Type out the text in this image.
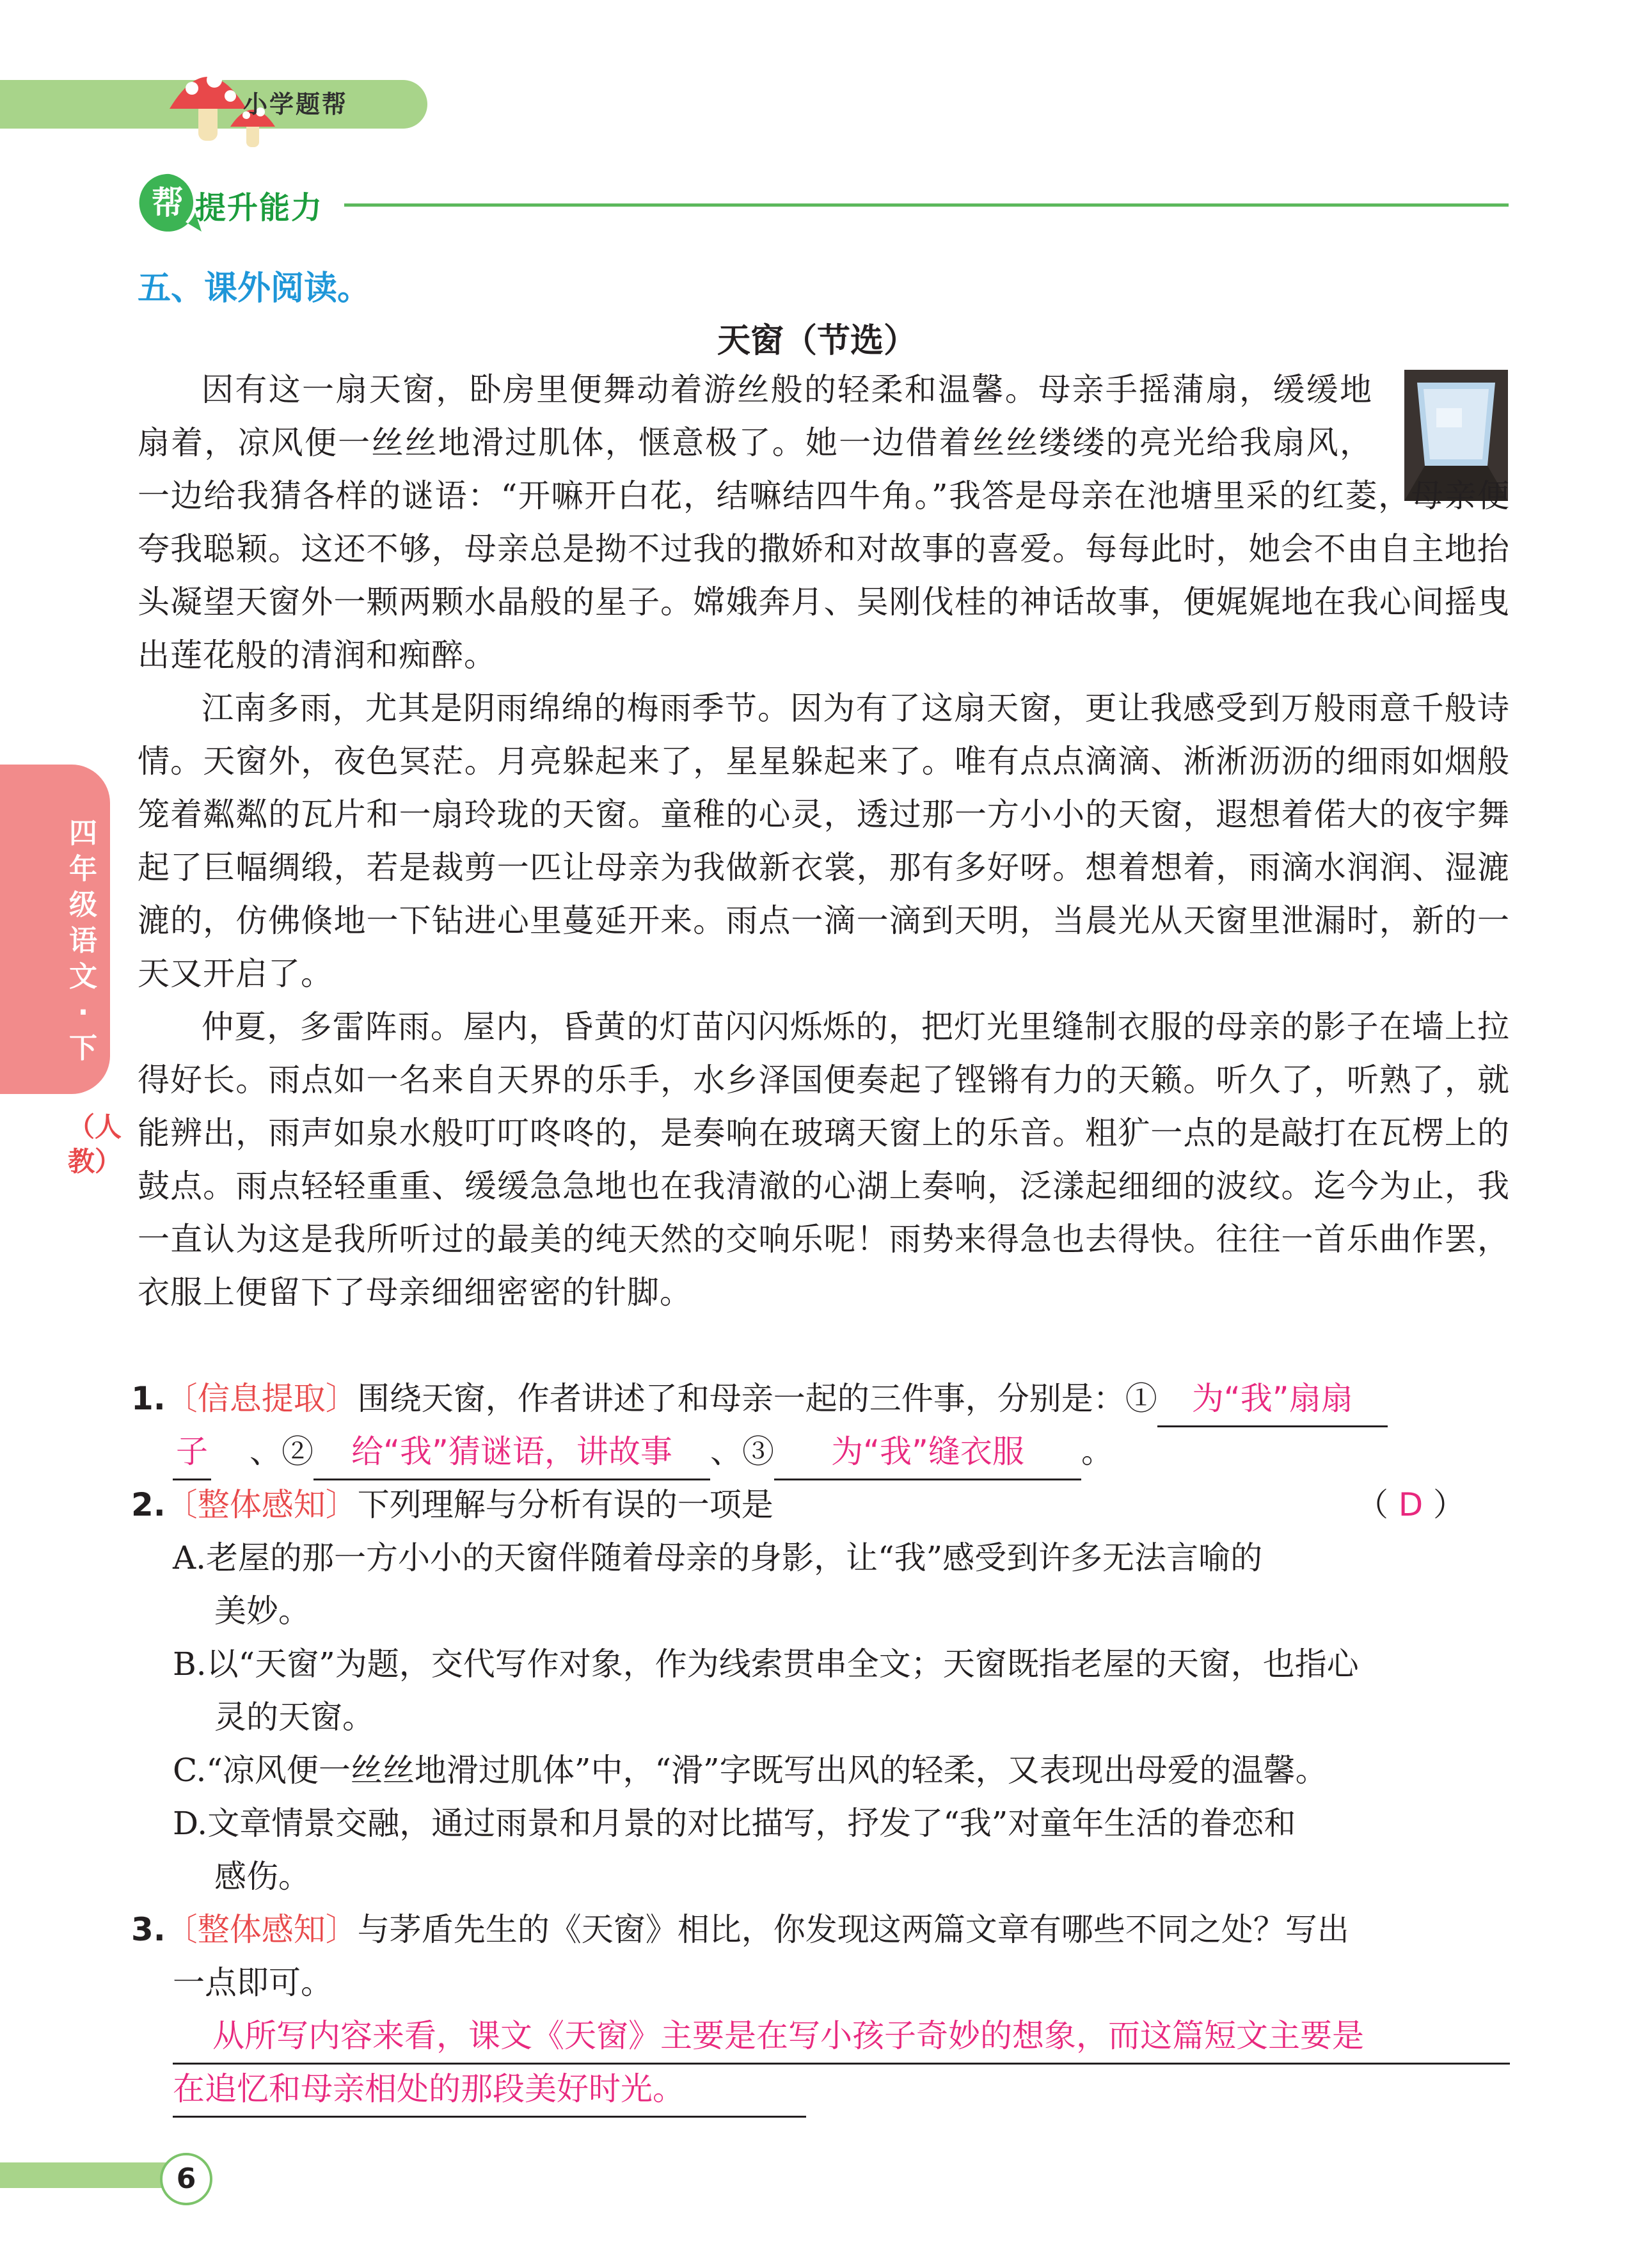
小学题帮
帮 提升能力
五、课外阅读。
天窗（节选）
因有这一扇天窗，卧房里便舞动着游丝般的轻柔和温馨。母亲手摇蒲扇，缓缓地扇着，凉风便一丝丝地滑过肌体，惬意极了。她一边借着丝丝缕缕的亮光给我扇风，一边给我猜各样的谜语：“开嘛开白花，结嘛结四牛角。”我答是母亲在池塘里采的红菱，母亲便夸我聪颖。这还不够，母亲总是拗不过我的撒娇和对故事的喜爱。每每此时，她会不由自主地抬头凝望天窗外一颗两颗水晶般的星子。嫦娥奔月、吴刚伐桂的神话故事，便娓娓地在我心间摇曳出莲花般的清润和痴醉。
江南多雨，尤其是阴雨绵绵的梅雨季节。因为有了这扇天窗，更让我感受到万般雨意千般诗情。天窗外，夜色冥茫。月亮躲起来了，星星躲起来了。唯有点点滴滴、淅淅沥沥的细雨如烟般笼着粼粼的瓦片和一扇玲珑的天窗。童稚的心灵，透过那一方小小的天窗，遐想着偌大的夜宇舞起了巨幅绸缎，若是裁剪一匹让母亲为我做新衣裳，那有多好呀。想着想着，雨滴水润润、湿漉漉的，仿佛倏地一下钻进心里蔓延开来。雨点一滴一滴到天明，当晨光从天窗里泄漏时，新的一天又开启了。
仲夏，多雷阵雨。屋内，昏黄的灯苗闪闪烁烁的，把灯光里缝制衣服的母亲的影子在墙上拉得好长。雨点如一名来自天界的乐手，水乡泽国便奏起了铿锵有力的天籁。听久了，听熟了，就能辨出，雨声如泉水般叮叮咚咚的，是奏响在玻璃天窗上的乐音。粗犷一点的是敲打在瓦楞上的鼓点。雨点轻轻重重、缓缓急急地也在我清澈的心湖上奏响，泛漾起细细的波纹。迄今为止，我一直认为这是我所听过的最美的纯天然的交响乐呢！雨势来得急也去得快。往往一首乐曲作罢，衣服上便留下了母亲细细密密的针脚。
四年级语文·下
（人教）
1.〔信息提取〕围绕天窗，作者讲述了和母亲一起的三件事，分别是：① 为“我”扇扇
子 、② 给“我”猜谜语，讲故事 、③ 为“我”缝衣服 。
2.〔整体感知〕下列理解与分析有误的一项是	（ D ）
A.老屋的那一方小小的天窗伴随着母亲的身影，让“我”感受到许多无法言喻的
美妙。
B.以“天窗”为题，交代写作对象，作为线索贯串全文；天窗既指老屋的天窗，也指心
灵的天窗。
C.“凉风便一丝丝地滑过肌体”中，“滑”字既写出风的轻柔，又表现出母爱的温馨。
D.文章情景交融，通过雨景和月景的对比描写，抒发了“我”对童年生活的眷恋和
感伤。
3.〔整体感知〕与茅盾先生的《天窗》相比，你发现这两篇文章有哪些不同之处？写出
一点即可。
从所写内容来看，课文《天窗》主要是在写小孩子奇妙的想象，而这篇短文主要是
在追忆和母亲相处的那段美好时光。
6
